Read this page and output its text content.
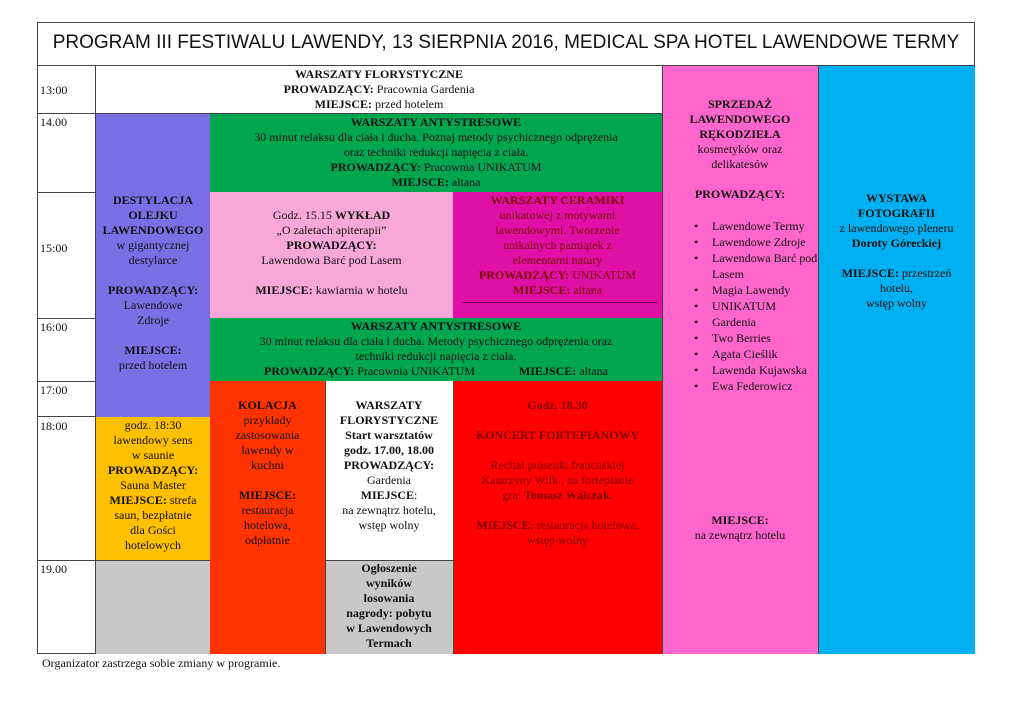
PROGRAM III FESTIWALU LAWENDY, 13 SIERPNIA 2016, MEDICAL SPA HOTEL LAWENDOWE TERMY
13:00
14.00
15:00
16:00
17:00
18:00
19.00
WARSZATY FLORYSTYCZNE
PROWADZĄCY: Pracownia Gardenia
MIEJSCE: przed hotelem
WARSZATY ANTYSTRESOWE
30 minut relaksu dla ciała i ducha. Poznaj metody psychicznego odprężenia
oraz techniki redukcji napięcia z ciała.
PROWADZĄCY: Pracownia UNIKATUM
MIEJSCE: altana
DESTYLACJA
OLEJKU
LAWENDOWEGO
w gigantycznej
destylarce
PROWADZĄCY:
Lawendowe
Zdroje
MIEJSCE:
przed hotelem
Godz. 15.15 WYKŁAD
„O zaletach apiterapii”
PROWADZĄCY:
Lawendowa Barć pod Lasem
MIEJSCE: kawiarnia w hotelu
WARSZATY CERAMIKI
unikatowej z motywami
lawendowymi. Tworzenie
unikalnych pamiątek z
elementami natury
PROWADZĄCY: UNIKATUM
MIEJSCE: altana
WARSZATY ANTYSTRESOWE
30 minut relaksu dla ciała i ducha. Metody psychicznego odprężenia oraz
techniki redukcji napięcia z ciała.
PROWADZĄCY: Pracownia UNIKATUM	MIEJSCE: altana
godz. 18:30
lawendowy sens
w saunie
PROWADZĄCY:
Sauna Master
MIEJSCE: strefa
saun, bezpłatnie
dla Gości
hotelowych
KOLACJA
przykłady
zastosowania
lawendy w
kuchni
MIEJSCE:
restauracja
hotelowa,
odpłatnie
WARSZATY
FLORYSTYCZNE
Start warsztatów
godz. 17.00, 18.00
PROWADZĄCY:
Gardenia
MIEJSCE:
na zewnątrz hotelu,
wstęp wolny
Godz. 18.30
KONCERT FORTEPIANOWY
Recital piosenki francuskiej
Katarzyny Wilk , na fortepianie
gra: Tomasz Walczak.
MIEJSCE: restauracja hotelowa,
wstęp wolny
Ogłoszenie
wyników
losowania
nagrody: pobytu
w Lawendowych
Termach
SPRZEDAŻ
LAWENDOWEGO
RĘKODZIEŁA
kosmetyków oraz
delikatesów
PROWADZĄCY:
• Lawendowe Termy
• Lawendowe Zdroje
• Lawendowa Barć pod Lasem
• Magia Lawendy
• UNIKATUM
• Gardenia
• Two Berries
• Agata Cieślik
• Lawenda Kujawska
• Ewa Federowicz
MIEJSCE:
na zewnątrz hotelu
WYSTAWA
FOTOGRAFII
z lawendowego pleneru
Doroty Góreckiej
MIEJSCE: przestrzeń
hotelu,
wstęp wolny
Organizator zastrzega sobie zmiany w programie.
